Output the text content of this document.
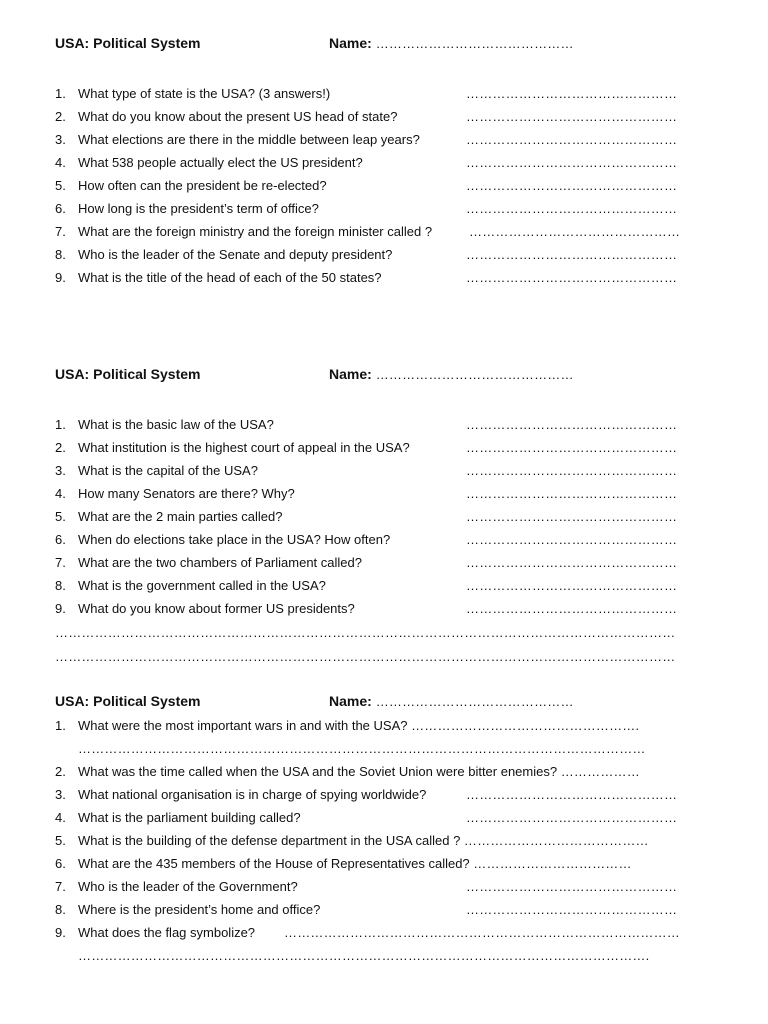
USA: Political System	Name: ………………………………………
1. What type of state is the USA? (3 answers!)	…………………………………………
2. What do you know about the present US head of state?	…………………………………………
3. What elections are there in the middle between leap years?	…………………………………………
4. What 538 people actually elect the US president?	…………………………………………
5. How often can the president be re-elected?	…………………………………………
6. How long is the president’s term of office?	…………………………………………
7. What are the foreign ministry and the foreign minister called ?	…………………………………………
8. Who is the leader of the Senate and deputy president?	…………………………………………
9. What is the title of the head of each of the 50 states?	…………………………………………
USA: Political System	Name: ………………………………………
1. What is the basic law of the USA?	…………………………………………
2. What institution is the highest court of appeal in the USA?	…………………………………………
3. What is the capital of the USA?	…………………………………………
4. How many Senators are there? Why?	…………………………………………
5. What are the 2 main parties called?	…………………………………………
6. When do elections take place in the USA? How often?	…………………………………………
7. What are the two chambers of Parliament called?	…………………………………………
8. What is the government called in the USA?	…………………………………………
9. What do you know about former US presidents?	…………………………………………
……………………………………………………………………………………………………………………………
……………………………………………………………………………………………………………………………
USA: Political System	Name: ………………………………………
1. What were the most important wars in and with the USA? …………………………………………….
…………………………………………………………………………………………………………………
2. What was the time called when the USA and the Soviet Union were bitter enemies? ………………
3. What national organisation is in charge of spying worldwide?	…………………………………………
4. What is the parliament building called?	…………………………………………
5. What is the building of the defense department in the USA called ? ……………………………………
6. What are the 435 members of the House of Representatives called? ………………………………
7. Who is the leader of the Government?	…………………………………………
8. Where is the president’s home and office?	…………………………………………
9. What does the flag symbolize? ………………………………………………………………………………
………………………………………………………………………………………………………………….
